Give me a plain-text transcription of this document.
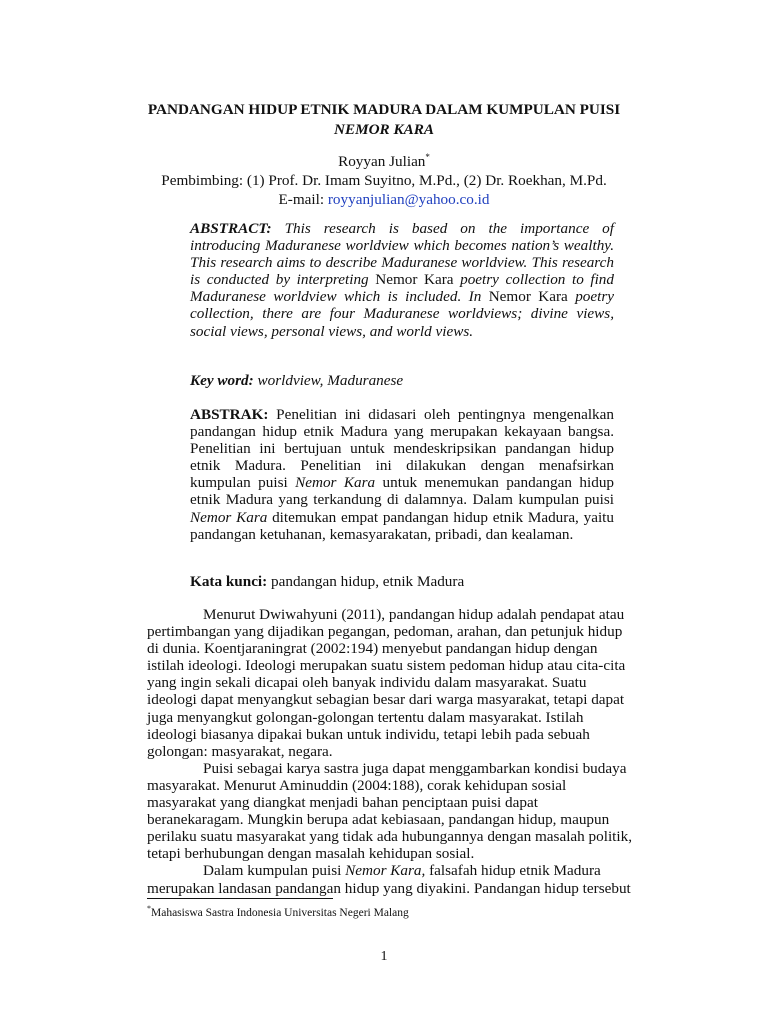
PANDANGAN HIDUP ETNIK MADURA DALAM KUMPULAN PUISI
NEMOR KARA
Royyan Julian*
Pembimbing: (1) Prof. Dr. Imam Suyitno, M.Pd., (2) Dr. Roekhan, M.Pd.
E-mail: royyanjulian@yahoo.co.id
ABSTRACT: This research is based on the importance of introducing Maduranese worldview which becomes nation’s wealthy. This research aims to describe Maduranese worldview. This research is conducted by interpreting Nemor Kara poetry collection to find Maduranese worldview which is included. In Nemor Kara poetry collection, there are four Maduranese worldviews; divine views, social views, personal views, and world views.
Key word: worldview, Maduranese
ABSTRAK: Penelitian ini didasari oleh pentingnya mengenalkan pandangan hidup etnik Madura yang merupakan kekayaan bangsa. Penelitian ini bertujuan untuk mendeskripsikan pandangan hidup etnik Madura. Penelitian ini dilakukan dengan menafsirkan kumpulan puisi Nemor Kara untuk menemukan pandangan hidup etnik Madura yang terkandung di dalamnya. Dalam kumpulan puisi Nemor Kara ditemukan empat pandangan hidup etnik Madura, yaitu pandangan ketuhanan, kemasyarakatan, pribadi, dan kealaman.
Kata kunci: pandangan hidup, etnik Madura

Menurut Dwiwahyuni (2011), pandangan hidup adalah pendapat atau pertimbangan yang dijadikan pegangan, pedoman, arahan, dan petunjuk hidup di dunia. Koentjaraningrat (2002:194) menyebut pandangan hidup dengan istilah ideologi. Ideologi merupakan suatu sistem pedoman hidup atau cita-cita yang ingin sekali dicapai oleh banyak individu dalam masyarakat. Suatu ideologi dapat menyangkut sebagian besar dari warga masyarakat, tetapi dapat juga menyangkut golongan-golongan tertentu dalam masyarakat. Istilah ideologi biasanya dipakai bukan untuk individu, tetapi lebih pada sebuah golongan: masyarakat, negara.

Puisi sebagai karya sastra juga dapat menggambarkan kondisi budaya masyarakat. Menurut Aminuddin (2004:188), corak kehidupan sosial masyarakat yang diangkat menjadi bahan penciptaan puisi dapat beranekaragam. Mungkin berupa adat kebiasaan, pandangan hidup, maupun perilaku suatu masyarakat yang tidak ada hubungannya dengan masalah politik, tetapi berhubungan dengan masalah kehidupan sosial.

Dalam kumpulan puisi Nemor Kara, falsafah hidup etnik Madura merupakan landasan pandangan hidup yang diyakini. Pandangan hidup tersebut

*Mahasiswa Sastra Indonesia Universitas Negeri Malang
1
